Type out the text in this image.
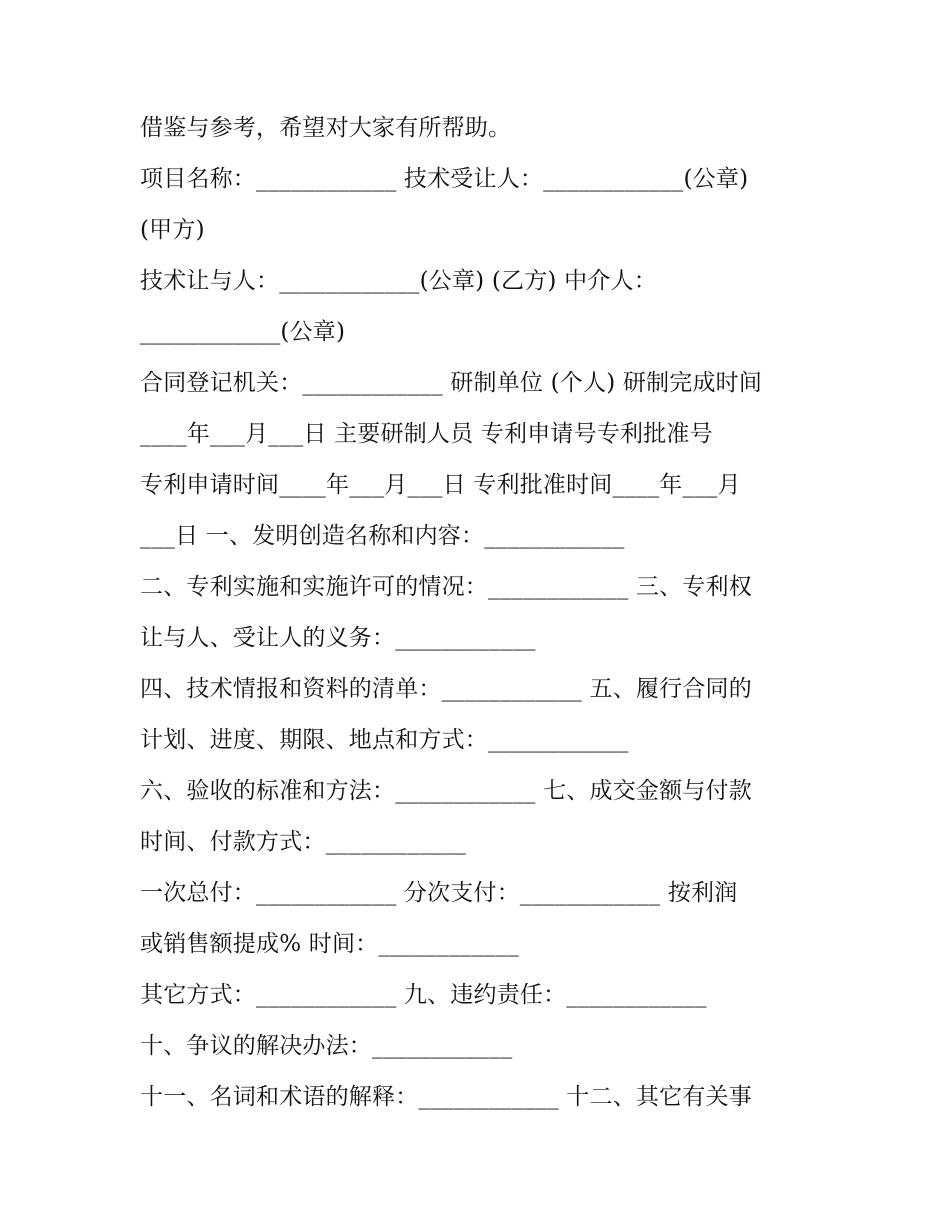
借鉴与参考，希望对大家有所帮助。

项目名称：____________ 技术受让人：____________(公章)

(甲方)

技术让与人：____________(公章) (乙方) 中介人：

____________(公章)

合同登记机关：____________ 研制单位 (个人) 研制完成时间

____年___月___日 主要研制人员 专利申请号专利批准号

专利申请时间____年___月___日 专利批准时间____年___月

___日 一、发明创造名称和内容：____________

二、专利实施和实施许可的情况：____________ 三、专利权

让与人、受让人的义务：____________

四、技术情报和资料的清单：____________ 五、履行合同的

计划、进度、期限、地点和方式：____________

六、验收的标准和方法：____________ 七、成交金额与付款

时间、付款方式：____________

一次总付：____________ 分次支付：____________ 按利润

或销售额提成% 时间：____________

其它方式：____________ 九、违约责任：____________

十、争议的解决办法：____________

十一、名词和术语的解释：____________ 十二、其它有关事
